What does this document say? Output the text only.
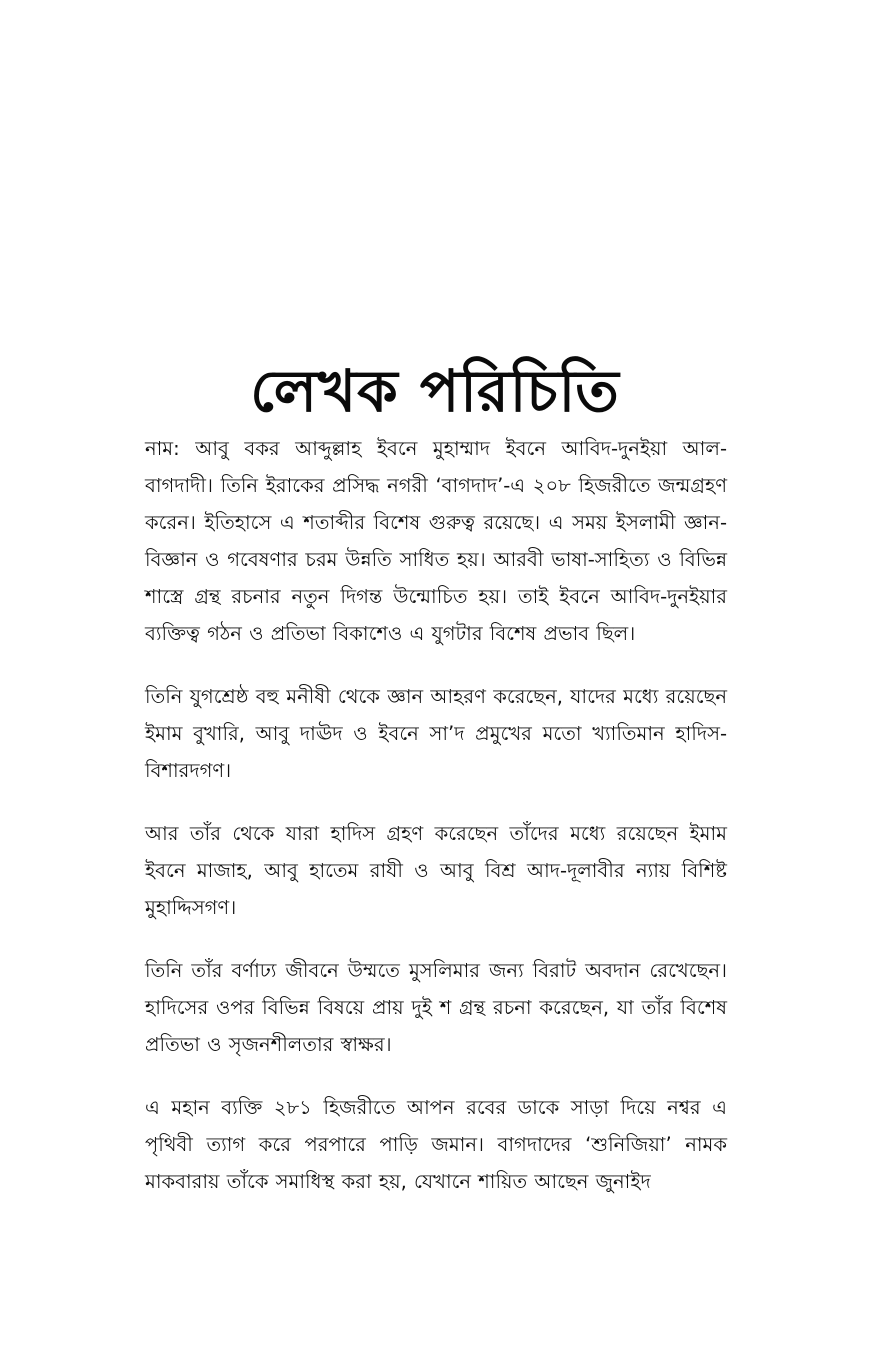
লেখক পরিচিতি

নাম: আবু বকর আব্দুল্লাহ ইবনে মুহাম্মাদ ইবনে আবিদ-দুনইয়া আল-বাগদাদী। তিনি ইরাকের প্রসিদ্ধ নগরী ‘বাগদাদ’-এ ২০৮ হিজরীতে জন্মগ্রহণ করেন। ইতিহাসে এ শতাব্দীর বিশেষ গুরুত্ব রয়েছে। এ সময় ইসলামী জ্ঞান-বিজ্ঞান ও গবেষণার চরম উন্নতি সাধিত হয়। আরবী ভাষা-সাহিত্য ও বিভিন্ন শাস্ত্রে গ্রন্থ রচনার নতুন দিগন্ত উন্মোচিত হয়। তাই ইবনে আবিদ-দুনইয়ার ব্যক্তিত্ব গঠন ও প্রতিভা বিকাশেও এ যুগটার বিশেষ প্রভাব ছিল।

তিনি যুগশ্রেষ্ঠ বহু মনীষী থেকে জ্ঞান আহরণ করেছেন, যাদের মধ্যে রয়েছেন ইমাম বুখারি, আবু দাঊদ ও ইবনে সা’দ প্রমুখের মতো খ্যাতিমান হাদিস-বিশারদগণ।

আর তাঁর থেকে যারা হাদিস গ্রহণ করেছেন তাঁদের মধ্যে রয়েছেন ইমাম ইবনে মাজাহ, আবু হাতেম রাযী ও আবু বিশ্র আদ-দূলাবীর ন্যায় বিশিষ্ট মুহাদ্দিসগণ।

তিনি তাঁর বর্ণাঢ্য জীবনে উম্মতে মুসলিমার জন্য বিরাট অবদান রেখেছেন। হাদিসের ওপর বিভিন্ন বিষয়ে প্রায় দুই শ গ্রন্থ রচনা করেছেন, যা তাঁর বিশেষ প্রতিভা ও সৃজনশীলতার স্বাক্ষর।

এ মহান ব্যক্তি ২৮১ হিজরীতে আপন রবের ডাকে সাড়া দিয়ে নশ্বর এ পৃথিবী ত্যাগ করে পরপারে পাড়ি জমান। বাগদাদের ‘শুনিজিয়া’ নামক মাকবারায় তাঁকে সমাধিস্থ করা হয়, যেখানে শায়িত আছেন জুনাইদ
